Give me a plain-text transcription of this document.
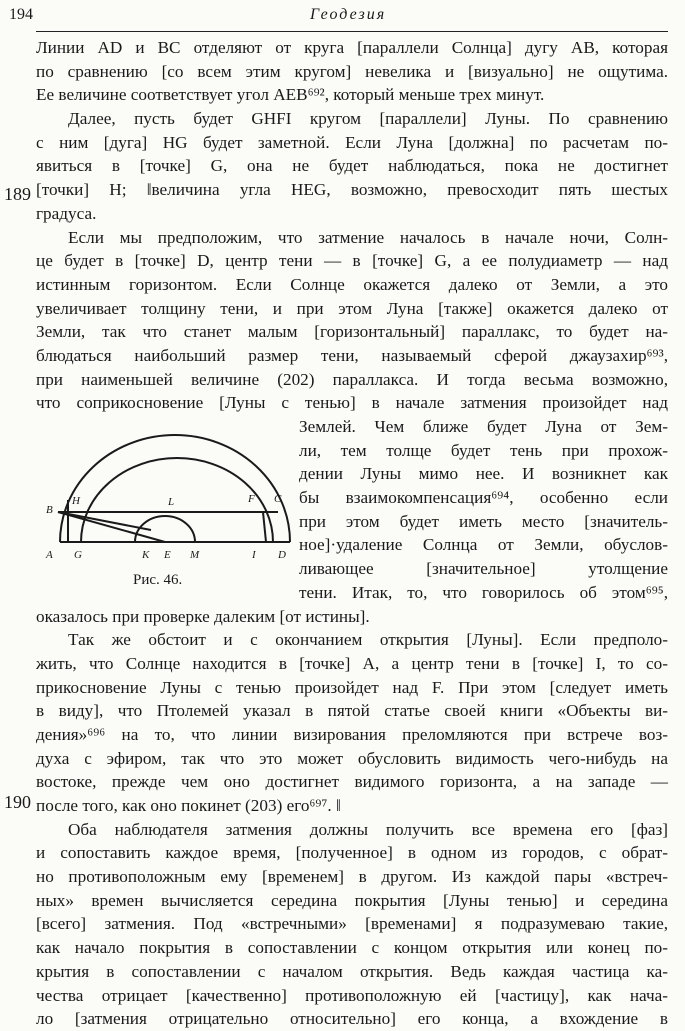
194	Геодезия
189
190
Линии AD и BC отделяют от круга [параллели Солнца] дугу AB, которая
по сравнению [со всем этим кругом] невелика и [визуально] не ощутима.
Ее величине соответствует угол AEB⁶⁹², который меньше трех минут.
Далее, пусть будет GHFI кругом [параллели] Луны. По сравнению
с ним [дуга] HG будет заметной. Если Луна [должна] по расчетам по-
явиться в [точке] G, она не будет наблюдаться, пока не достигнет
[точки] H; ǁвеличина угла HEG, возможно, превосходит пять шестых
градуса.
Если мы предположим, что затмение началось в начале ночи, Солн-
це будет в [точке] D, центр тени — в [точке] G, а ее полудиаметр — над
истинным горизонтом. Если Солнце окажется далеко от Земли, а это
увеличивает толщину тени, и при этом Луна [также] окажется далеко от
Земли, так что станет малым [горизонтальный] параллакс, то будет на-
блюдаться наибольший размер тени, называемый сферой джаузахир⁶⁹³,
при наименьшей величине (202) параллакса. И тогда весьма возможно,
что соприкосновение [Луны с тенью] в начале затмения произойдет над
Землей. Чем ближе будет Луна от Зем-
ли, тем толще будет тень при прохож-
дении Луны мимо нее. И возникнет как
бы взаимокомпенсация⁶⁹⁴, особенно если
при этом будет иметь место [значитель-
ное]·удаление Солнца от Земли, обуслов-
ливающее [значительное] утолщение
тени. Итак, то, что говорилось об этом⁶⁹⁵,
оказалось при проверке далеким [от истины].
Так же обстоит и с окончанием открытия [Луны]. Если предполо-
жить, что Солнце находится в [точке] A, а центр тени в [точке] I, то со-
прикосновение Луны с тенью произойдет над F. При этом [следует иметь
в виду], что Птолемей указал в пятой статье своей книги «Объекты ви-
дения»⁶⁹⁶ на то, что линии визирования преломляются при встрече воз-
духа с эфиром, так что это может обусловить видимость чего-нибудь на
востоке, прежде чем оно достигнет видимого горизонта, а на западе —
после того, как оно покинет (203) его⁶⁹⁷. ǁ
Оба наблюдателя затмения должны получить все времена его [фаз]
и сопоставить каждое время, [полученное] в одном из городов, с обрат-
но противоположным ему [временем] в другом. Из каждой пары «встреч-
ных» времен вычисляется середина покрытия [Луны тенью] и середина
[всего] затмения. Под «встречными» [временами] я подразумеваю такие,
как начало покрытия в сопоставлении с концом открытия или конец по-
крытия в сопоставлении с началом открытия. Ведь каждая частица ка-
чества отрицает [качественно] противоположную ей [частицу], как нача-
ло [затмения отрицательно относительно] его конца, а вхождение в
B
H	L	F C
A G	K E M	I D
Рис. 46.
